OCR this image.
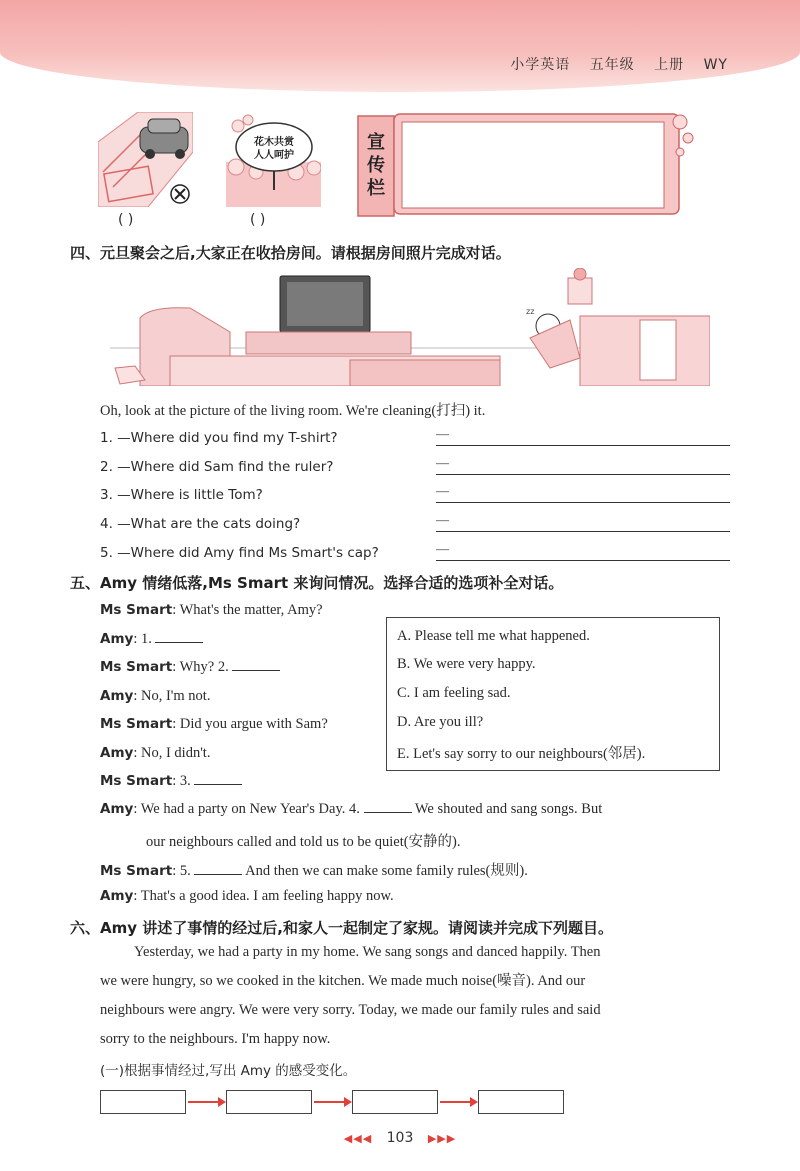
小学英语 五年级 上册 WY
( )
花木共赏
人人呵护
( )
宣
传
栏
四、元旦聚会之后,大家正在收拾房间。请根据房间照片完成对话。
zz
Oh, look at the picture of the living room. We're cleaning(打扫) it.
1. —Where did you find my T-shirt?
—
2. —Where did Sam find the ruler?
—
3. —Where is little Tom?
—
4. —What are the cats doing?
—
5. —Where did Amy find Ms Smart's cap?
—
五、Amy 情绪低落,Ms Smart 来询问情况。选择合适的选项补全对话。
Ms Smart: What's the matter, Amy?
Amy: 1.
Ms Smart: Why? 2.
Amy: No, I'm not.
Ms Smart: Did you argue with Sam?
Amy: No, I didn't.
Ms Smart: 3.
Amy: We had a party on New Year's Day. 4.	We shouted and sang songs. But
our neighbours called and told us to be quiet(安静的).
Ms Smart: 5.	And then we can make some family rules(规则).
Amy: That's a good idea. I am feeling happy now.
A. Please tell me what happened.
B. We were very happy.
C. I am feeling sad.
D. Are you ill?
E. Let's say sorry to our neighbours(邻居).
六、Amy 讲述了事情的经过后,和家人一起制定了家规。请阅读并完成下列题目。
Yesterday, we had a party in my home. We sang songs and danced happily. Then
we were hungry, so we cooked in the kitchen. We made much noise(噪音). And our
neighbours were angry. We were very sorry. Today, we made our family rules and said
sorry to the neighbours. I'm happy now.
(一)根据事情经过,写出 Amy 的感受变化。
◀◀◀ 103 ▶▶▶
